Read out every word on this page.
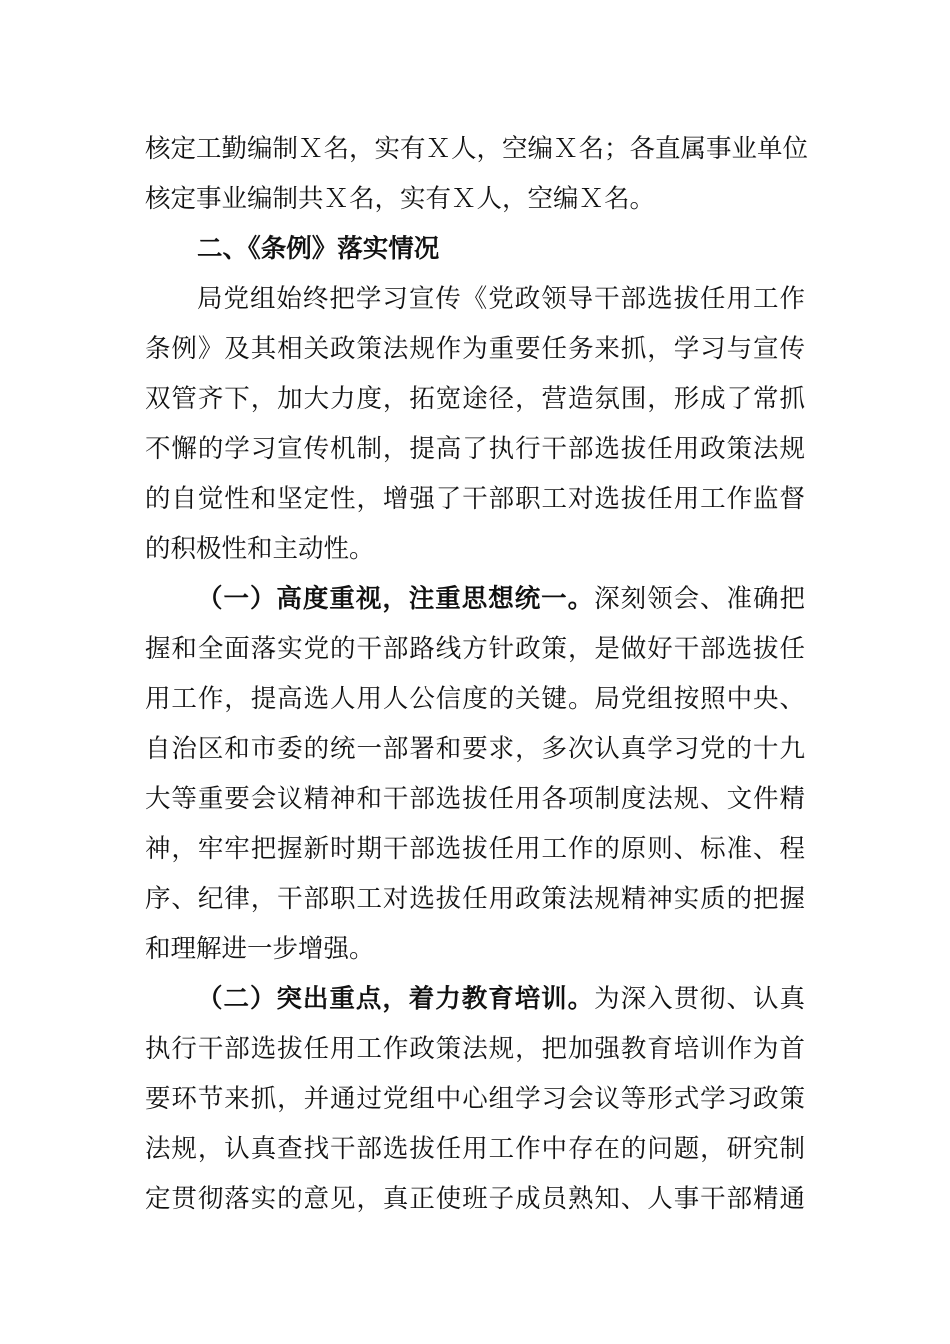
核定工勤编制Ｘ名，实有Ｘ人，空编Ｘ名；各直属事业单位
核定事业编制共Ｘ名，实有Ｘ人，空编Ｘ名。
二、《条例》落实情况
局党组始终把学习宣传《党政领导干部选拔任用工作
条例》及其相关政策法规作为重要任务来抓，学习与宣传
双管齐下，加大力度，拓宽途径，营造氛围，形成了常抓
不懈的学习宣传机制，提高了执行干部选拔任用政策法规
的自觉性和坚定性，增强了干部职工对选拔任用工作监督
的积极性和主动性。
（一）高度重视，注重思想统一。深刻领会、准确把
握和全面落实党的干部路线方针政策，是做好干部选拔任
用工作，提高选人用人公信度的关键。局党组按照中央、
自治区和市委的统一部署和要求，多次认真学习党的十九
大等重要会议精神和干部选拔任用各项制度法规、文件精
神，牢牢把握新时期干部选拔任用工作的原则、标准、程
序、纪律，干部职工对选拔任用政策法规精神实质的把握
和理解进一步增强。
（二）突出重点，着力教育培训。为深入贯彻、认真
执行干部选拔任用工作政策法规，把加强教育培训作为首
要环节来抓，并通过党组中心组学习会议等形式学习政策
法规，认真查找干部选拔任用工作中存在的问题，研究制
定贯彻落实的意见，真正使班子成员熟知、人事干部精通
